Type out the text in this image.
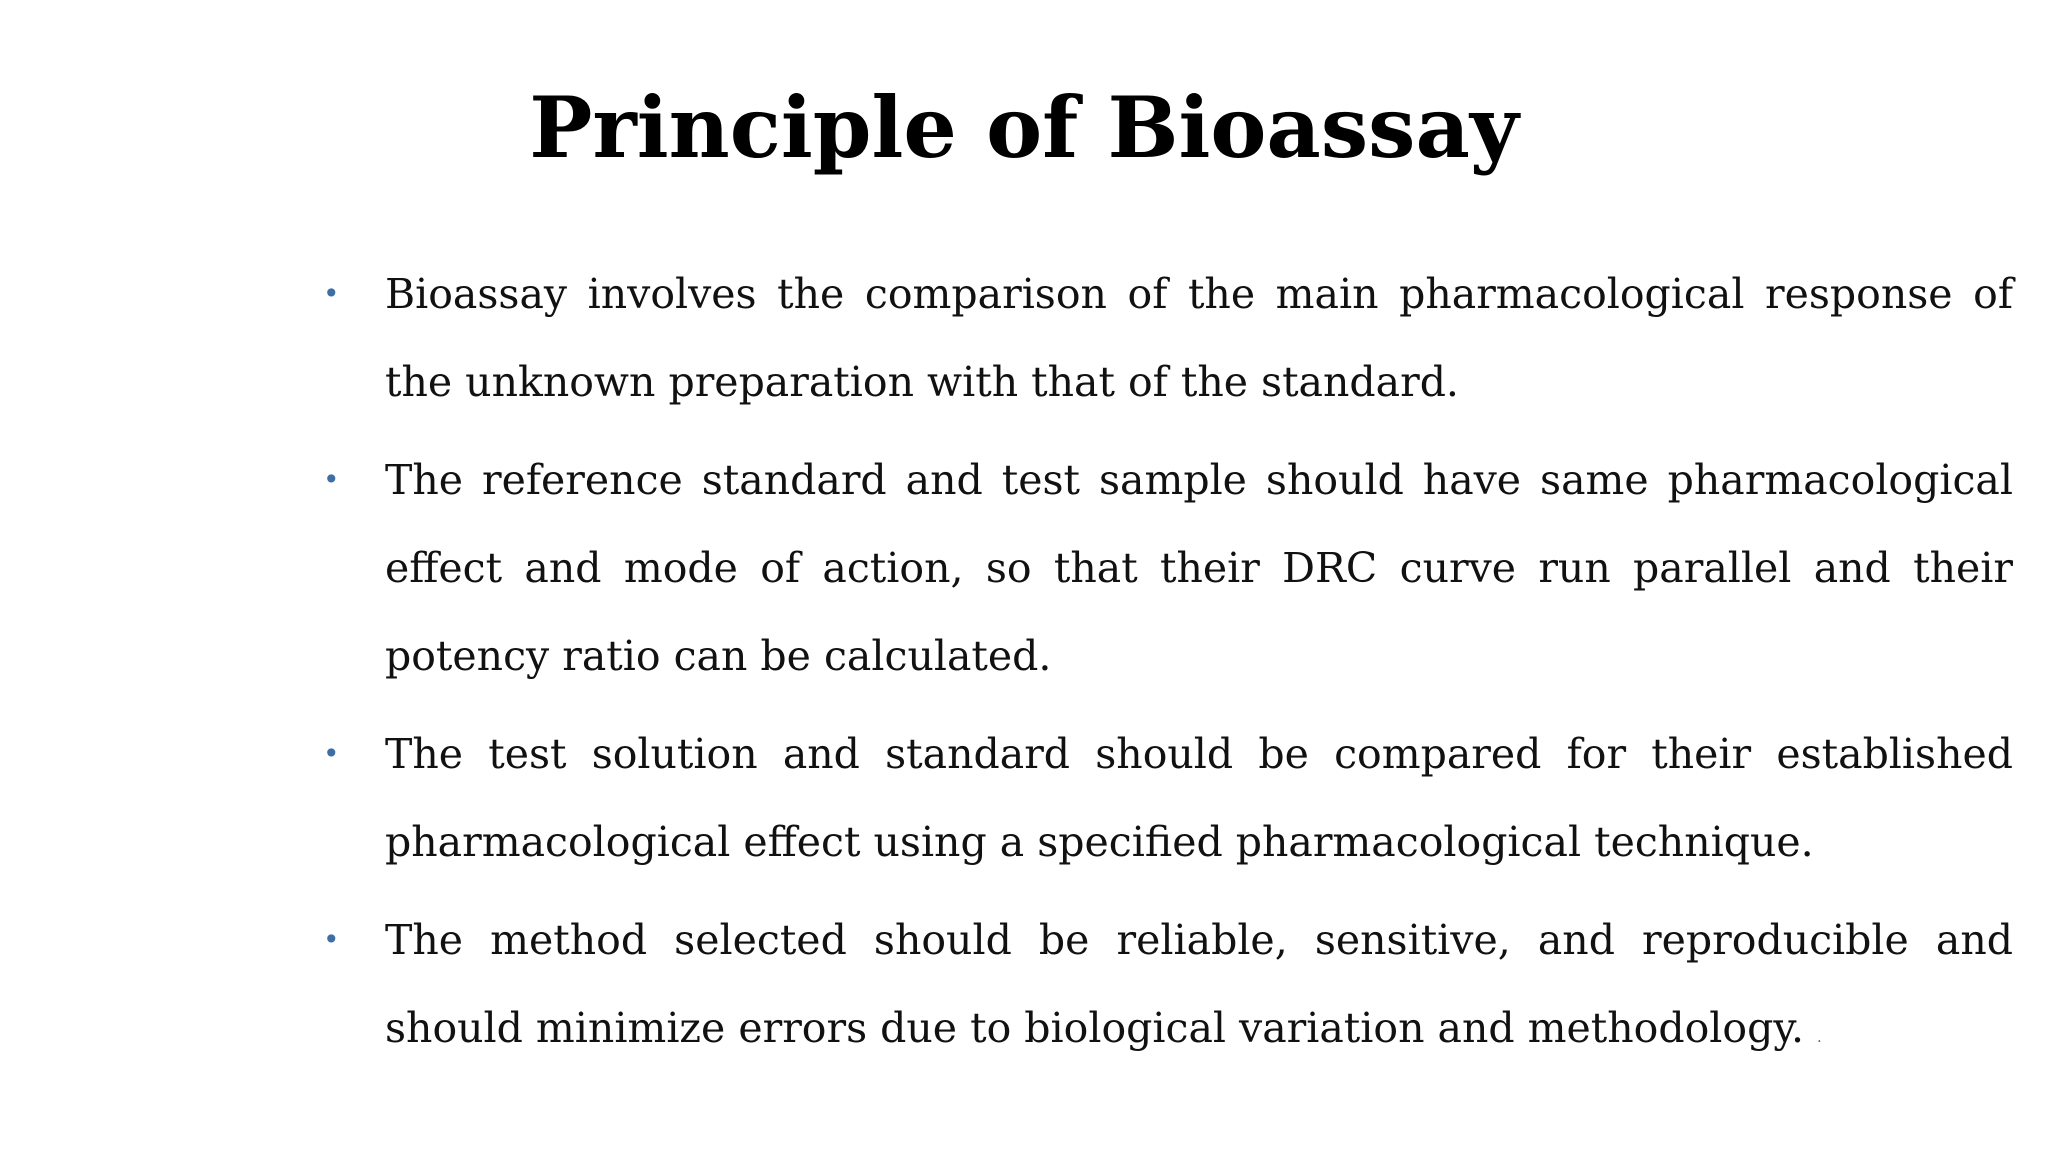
Principle of Bioassay
• Bioassay involves the comparison of the main pharmacological response of the unknown preparation with that of the standard.
• The reference standard and test sample should have same pharmacological effect and mode of action, so that their DRC curve run parallel and their potency ratio can be calculated.
• The test solution and standard should be compared for their established pharmacological effect using a specified pharmacological technique.
• The method selected should be reliable, sensitive, and reproducible and should minimize errors due to biological variation and methodology. .
